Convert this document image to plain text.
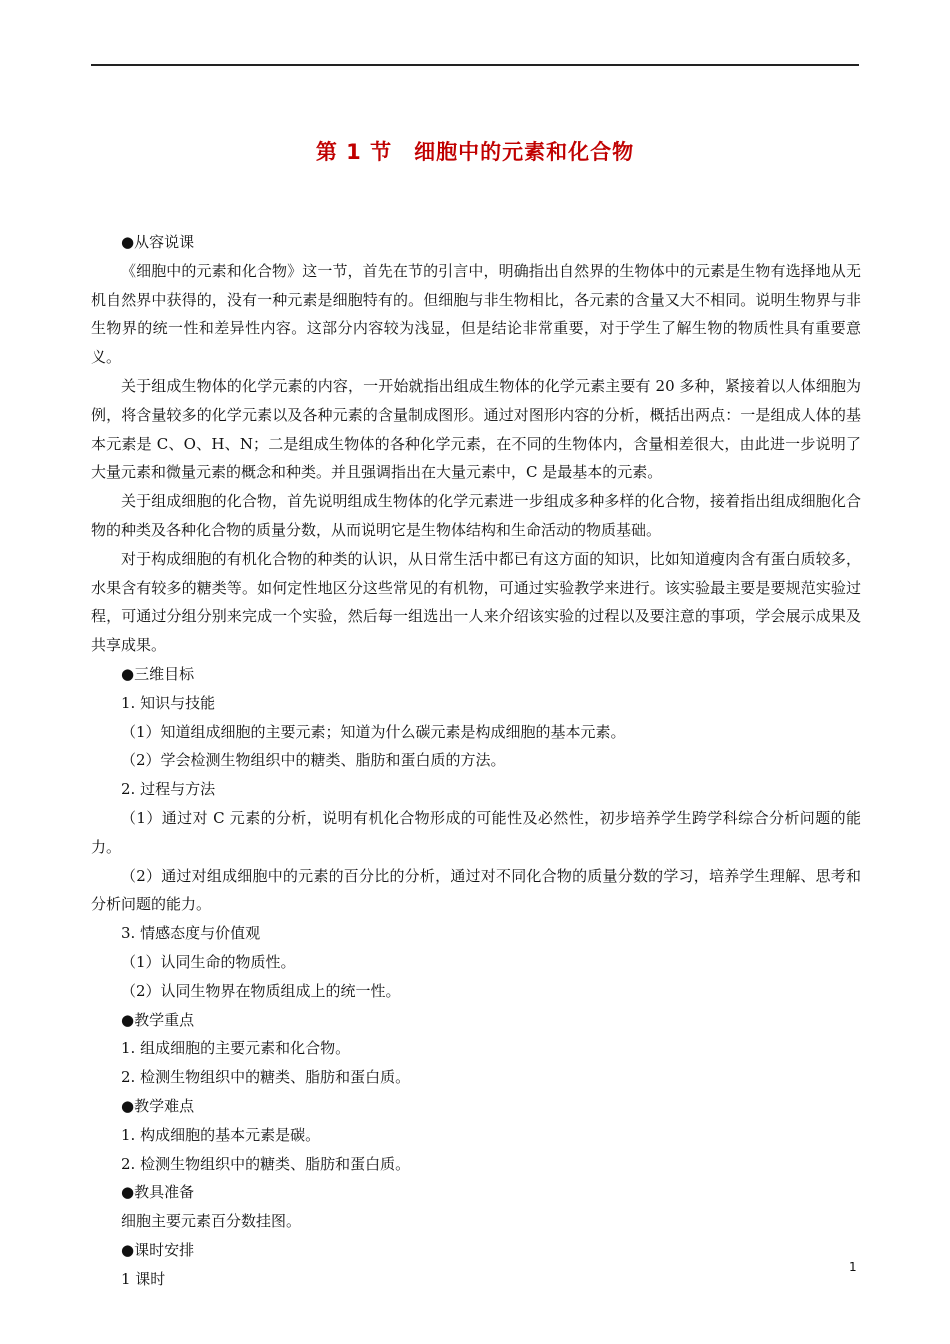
第 1 节 细胞中的元素和化合物

●从容说课

《细胞中的元素和化合物》这一节，首先在节的引言中，明确指出自然界的生物体中的元素是生物有选择地从无机自然界中获得的，没有一种元素是细胞特有的。但细胞与非生物相比，各元素的含量又大不相同。说明生物界与非生物界的统一性和差异性内容。这部分内容较为浅显，但是结论非常重要，对于学生了解生物的物质性具有重要意义。

关于组成生物体的化学元素的内容，一开始就指出组成生物体的化学元素主要有 20 多种，紧接着以人体细胞为例，将含量较多的化学元素以及各种元素的含量制成图形。通过对图形内容的分析，概括出两点：一是组成人体的基本元素是 C、O、H、N；二是组成生物体的各种化学元素，在不同的生物体内，含量相差很大，由此进一步说明了大量元素和微量元素的概念和种类。并且强调指出在大量元素中，C 是最基本的元素。

关于组成细胞的化合物，首先说明组成生物体的化学元素进一步组成多种多样的化合物，接着指出组成细胞化合物的种类及各种化合物的质量分数，从而说明它是生物体结构和生命活动的物质基础。

对于构成细胞的有机化合物的种类的认识，从日常生活中都已有这方面的知识，比如知道瘦肉含有蛋白质较多，水果含有较多的糖类等。如何定性地区分这些常见的有机物，可通过实验教学来进行。该实验最主要是要规范实验过程，可通过分组分别来完成一个实验，然后每一组选出一人来介绍该实验的过程以及要注意的事项，学会展示成果及共享成果。

●三维目标

1. 知识与技能

（1）知道组成细胞的主要元素；知道为什么碳元素是构成细胞的基本元素。

（2）学会检测生物组织中的糖类、脂肪和蛋白质的方法。

2. 过程与方法

（1）通过对 C 元素的分析，说明有机化合物形成的可能性及必然性，初步培养学生跨学科综合分析问题的能力。

（2）通过对组成细胞中的元素的百分比的分析，通过对不同化合物的质量分数的学习，培养学生理解、思考和分析问题的能力。

3. 情感态度与价值观

（1）认同生命的物质性。

（2）认同生物界在物质组成上的统一性。

●教学重点

1. 组成细胞的主要元素和化合物。

2. 检测生物组织中的糖类、脂肪和蛋白质。

●教学难点

1. 构成细胞的基本元素是碳。

2. 检测生物组织中的糖类、脂肪和蛋白质。

●教具准备

细胞主要元素百分数挂图。

●课时安排

1 课时

1
